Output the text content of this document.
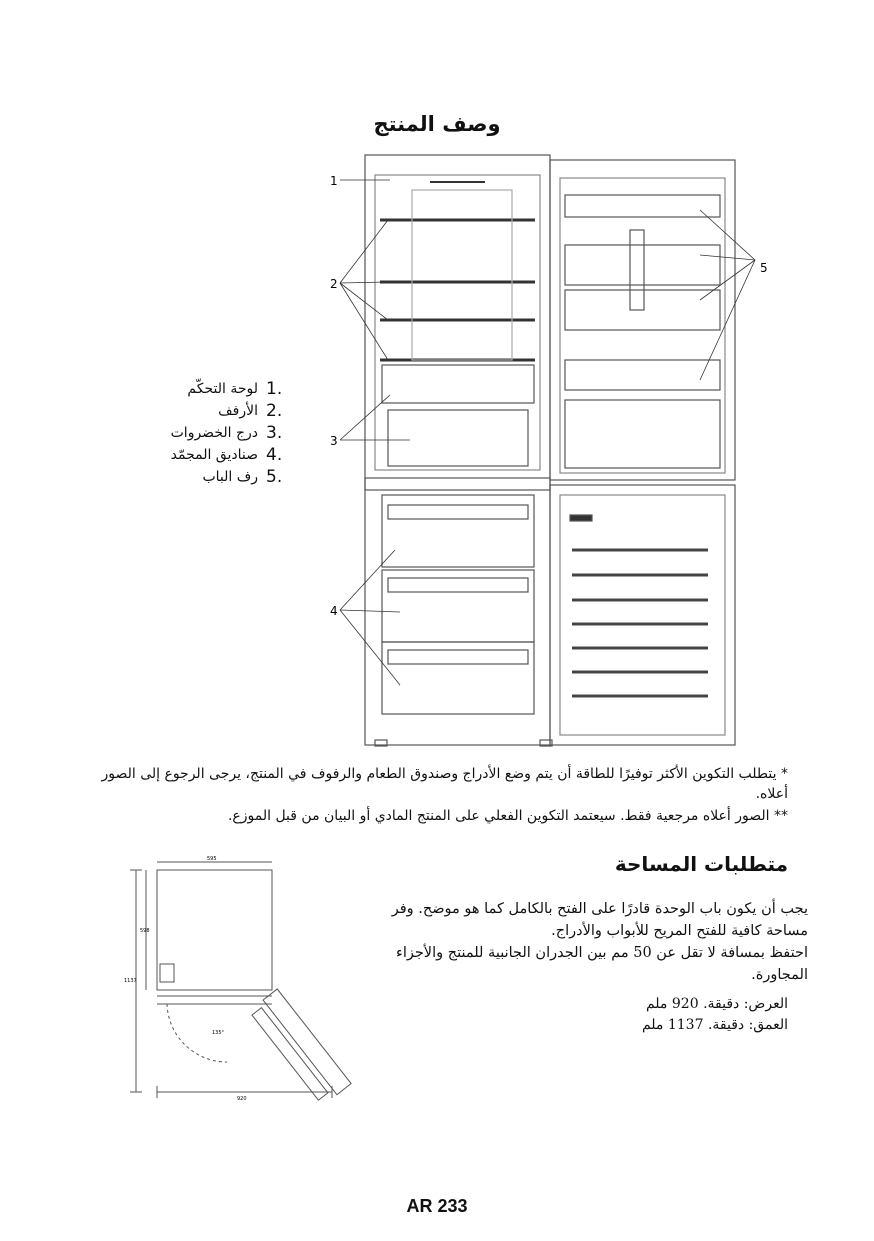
وصف المنتج
1
2
3
4
5
لوحة التحكّم 1.
الأرفف 2.
درج الخضروات 3.
صناديق المجمّد 4.
رف الباب 5.
* يتطلب التكوين الأكثر توفيرًا للطاقة أن يتم وضع الأدراج وصندوق الطعام والرفوف في المنتج، يرجى الرجوع إلى الصور أعلاه.
** الصور أعلاه مرجعية فقط. سيعتمد التكوين الفعلي على المنتج المادي أو البيان من قبل الموزع.
595
598
1137
135°
920
متطلبات المساحة
يجب أن يكون باب الوحدة قادرًا على الفتح بالكامل كما هو موضح. وفر مساحة كافية للفتح المريح للأبواب والأدراج.
احتفظ بمسافة لا تقل عن 50 مم بين الجدران الجانبية للمنتج والأجزاء المجاورة.
العرض: دقيقة. 920 ملم
العمق: دقيقة. 1137 ملم
AR 233
